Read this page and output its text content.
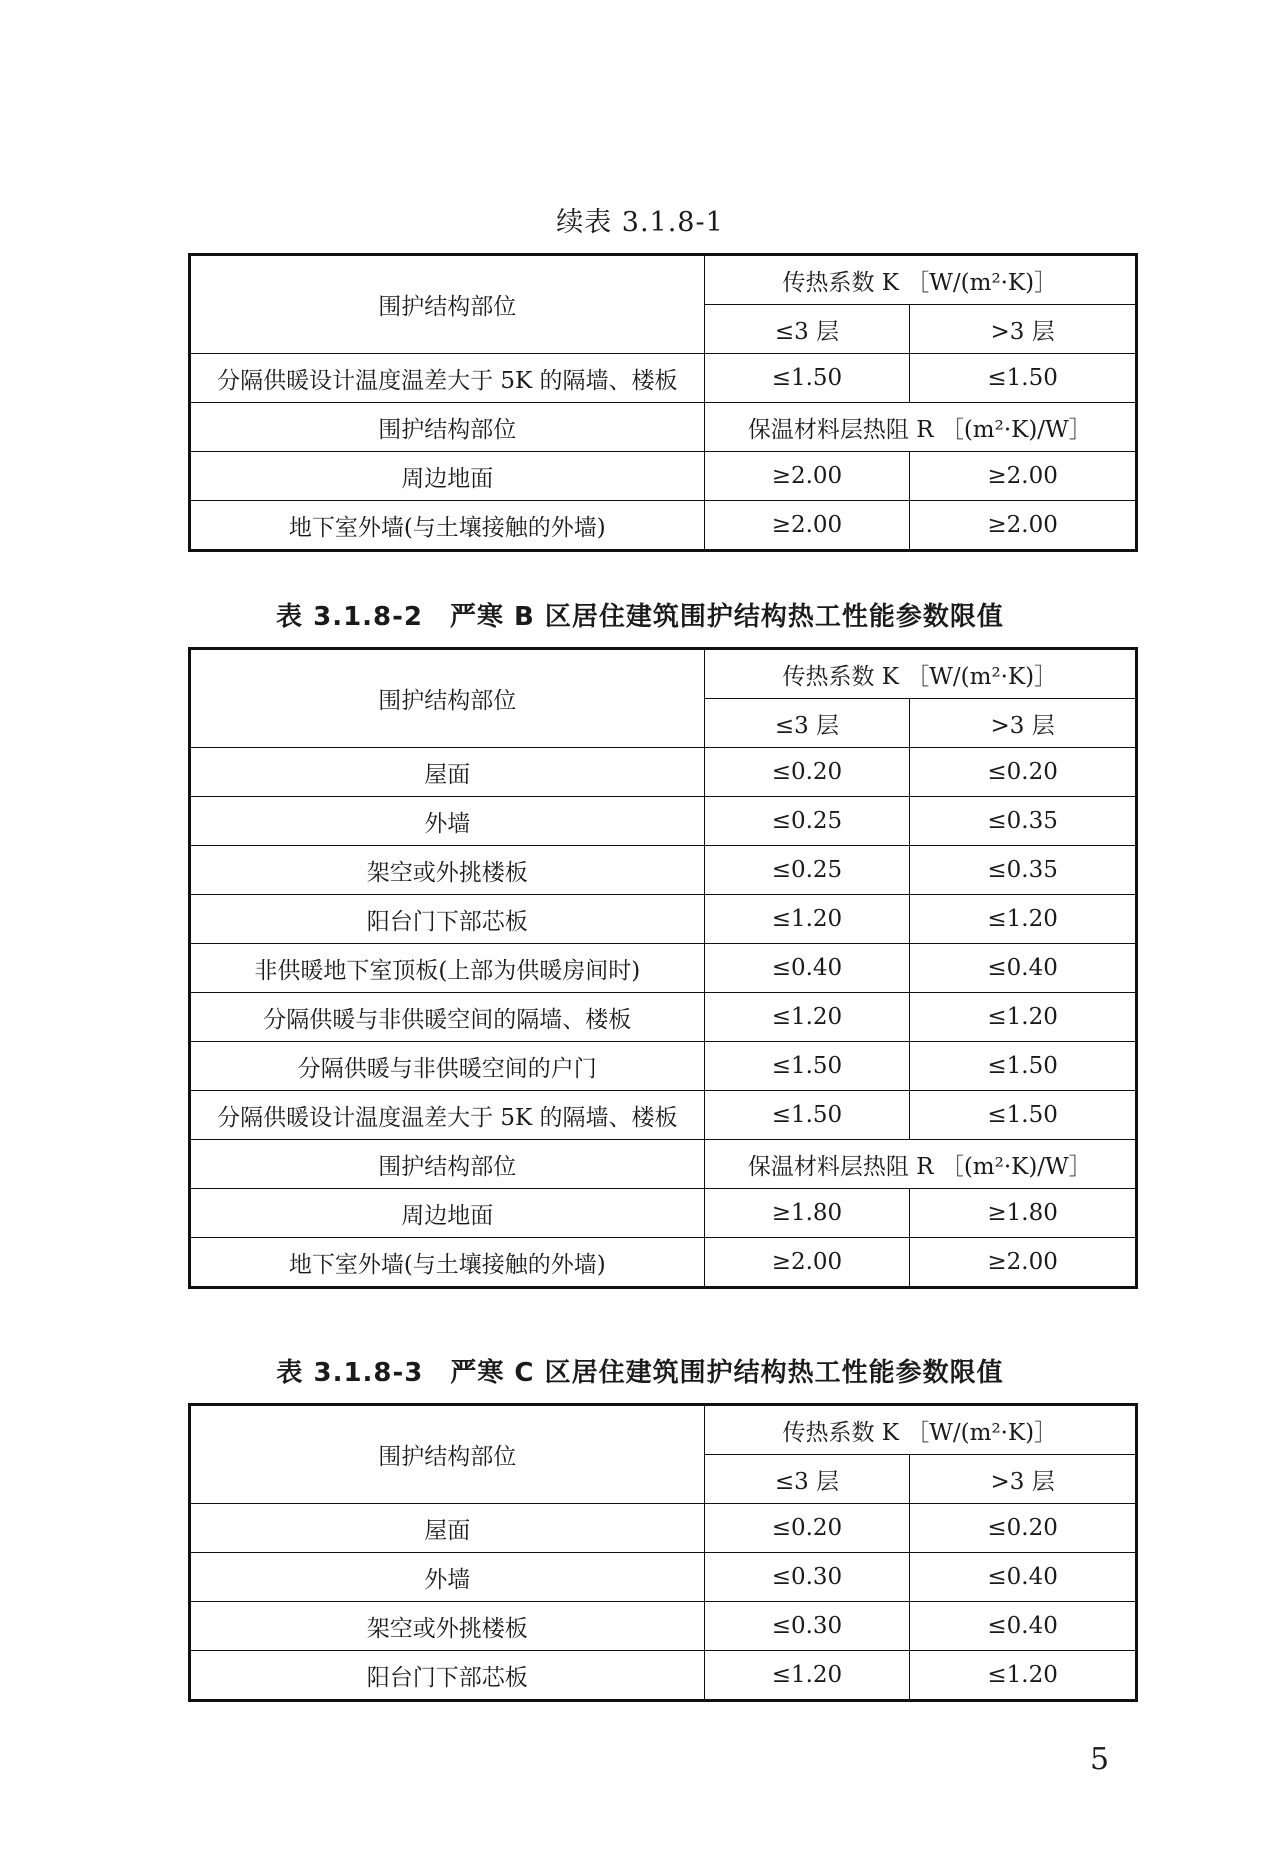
续表 3.1.8-1
围护结构部位	传热系数 K ［W/(m²·K)］	
	≤3 层	>3 层
分隔供暖设计温度温差大于 5K 的隔墙、楼板	≤1.50	≤1.50
围护结构部位	保温材料层热阻 R ［(m²·K)/W］	
周边地面	≥2.00	≥2.00
地下室外墙(与土壤接触的外墙)	≥2.00	≥2.00
表 3.1.8-2　严寒 B 区居住建筑围护结构热工性能参数限值
围护结构部位	传热系数 K ［W/(m²·K)］	
	≤3 层	>3 层
屋面	≤0.20	≤0.20
外墙	≤0.25	≤0.35
架空或外挑楼板	≤0.25	≤0.35
阳台门下部芯板	≤1.20	≤1.20
非供暖地下室顶板(上部为供暖房间时)	≤0.40	≤0.40
分隔供暖与非供暖空间的隔墙、楼板	≤1.20	≤1.20
分隔供暖与非供暖空间的户门	≤1.50	≤1.50
分隔供暖设计温度温差大于 5K 的隔墙、楼板	≤1.50	≤1.50
围护结构部位	保温材料层热阻 R ［(m²·K)/W］	
周边地面	≥1.80	≥1.80
地下室外墙(与土壤接触的外墙)	≥2.00	≥2.00
表 3.1.8-3　严寒 C 区居住建筑围护结构热工性能参数限值
围护结构部位	传热系数 K ［W/(m²·K)］	
	≤3 层	>3 层
屋面	≤0.20	≤0.20
外墙	≤0.30	≤0.40
架空或外挑楼板	≤0.30	≤0.40
阳台门下部芯板	≤1.20	≤1.20
5
